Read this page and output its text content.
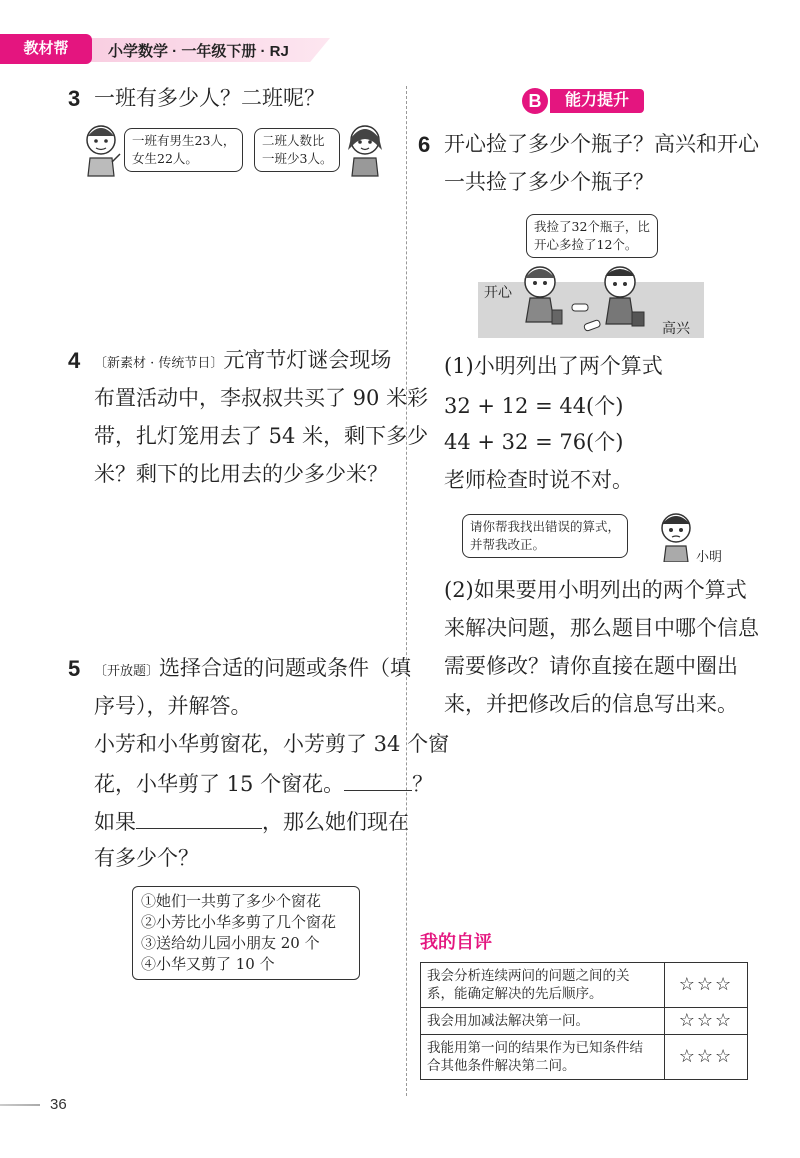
教材帮	小学数学 · 一年级下册 · RJ
3 一班有多少人？二班呢？
一班有男生23人，
女生22人。
二班人数比
一班少3人。
4 〔新素材 · 传统节日〕元宵节灯谜会现场
布置活动中，李叔叔共买了 90 米彩
带，扎灯笼用去了 54 米，剩下多少
米？剩下的比用去的少多少米？
5 〔开放题〕选择合适的问题或条件（填
序号），并解答。
小芳和小华剪窗花，小芳剪了 34 个窗
花，小华剪了 15 个窗花。	？
如果	，那么她们现在
有多少个？
①她们一共剪了多少个窗花
②小芳比小华多剪了几个窗花
③送给幼儿园小朋友 20 个
④小华又剪了 10 个
B	能力提升
6 开心捡了多少个瓶子？高兴和开心
一共捡了多少个瓶子？
我捡了32个瓶子，比
开心多捡了12个。
开心
高兴
(1)小明列出了两个算式
32 + 12 = 44(个)
44 + 32 = 76(个)
老师检查时说不对。
请你帮我找出错误的算式，
并帮我改正。
小明
(2)如果要用小明列出的两个算式
来解决问题，那么题目中哪个信息
需要修改？请你直接在题中圈出
来，并把修改后的信息写出来。
我的自评
我会分析连续两问的问题之间的关
系，能确定解决的先后顺序。	☆☆☆

我会用加减法解决第一问。	☆☆☆

我能用第一问的结果作为已知条件结
合其他条件解决第二问。	☆☆☆
36
